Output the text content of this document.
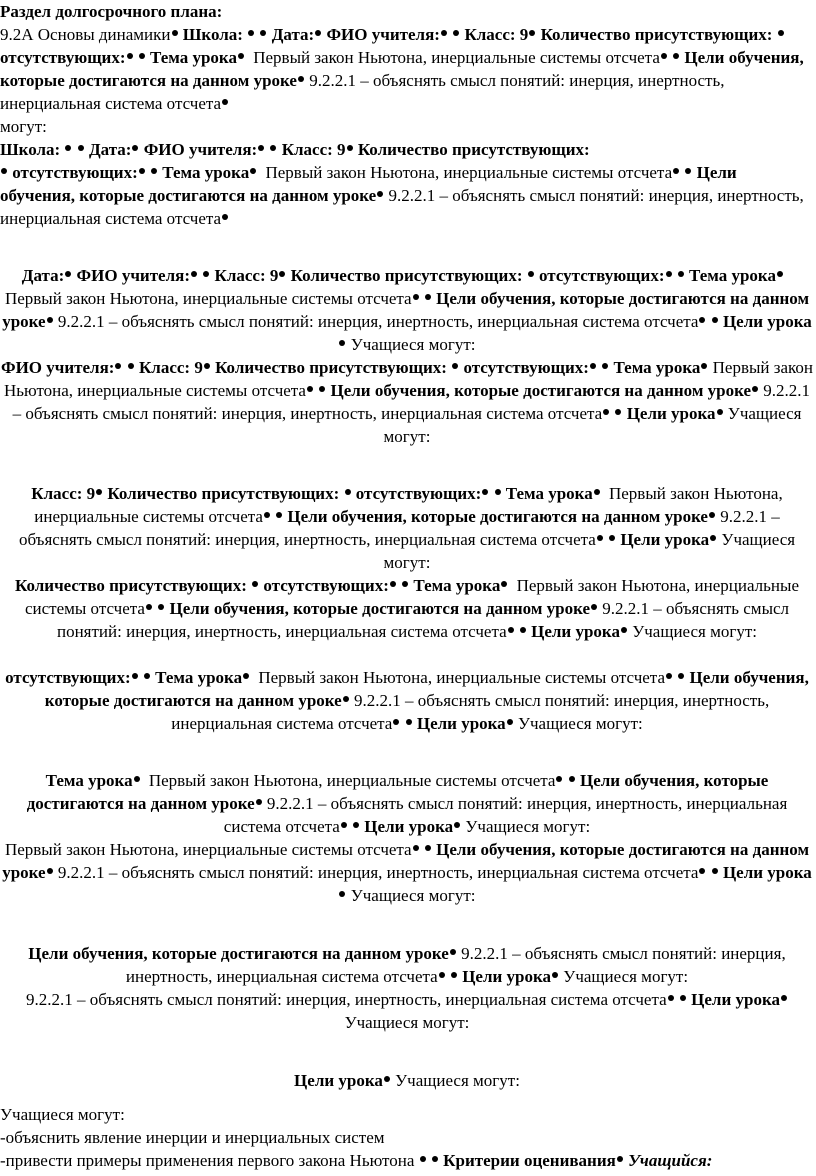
Раздел долгосрочного плана:

9.2А Основы динамики Школа: Дата: ФИО учителя: Класс: 9 Количество присутствующих:  отсутствующих: Тема урока Первый закон Ньютона, инерциальные системы отсчета Цели обучения, которые достигаются на данном уроке 9.2.2.1 – объяснять смысл понятий: инерция, инертность, инерциальная система отсчета

могут:

Школа: Дата: ФИО учителя: Класс: 9 Количество присутствующих:
отсутствующих: Тема урока Первый закон Ньютона, инерциальные системы отсчета Цели обучения, которые достигаются на данном уроке 9.2.2.1 – объяснять смысл понятий: инерция, инертность, инерциальная система отсчета

Дата: ФИО учителя: Класс: 9 Количество присутствующих: отсутствующих: Тема урока Первый закон Ньютона, инерциальные системы отсчета Цели обучения, которые достигаются на данном уроке 9.2.2.1 – объяснять смысл понятий: инерция, инертность, инерциальная система отсчета Цели урока Учащиеся могут:

ФИО учителя: Класс: 9 Количество присутствующих: отсутствующих: Тема урока Первый закон Ньютона, инерциальные системы отсчета Цели обучения, которые достигаются на данном уроке 9.2.2.1 – объяснять смысл понятий: инерция, инертность, инерциальная система отсчета Цели урока Учащиеся могут:

Класс: 9 Количество присутствующих: отсутствующих: Тема урока Первый закон Ньютона, инерциальные системы отсчета Цели обучения, которые достигаются на данном уроке 9.2.2.1 – объяснять смысл понятий: инерция, инертность, инерциальная система отсчета Цели урока Учащиеся могут:

Количество присутствующих: отсутствующих: Тема урока Первый закон Ньютона, инерциальные системы отсчета Цели обучения, которые достигаются на данном уроке 9.2.2.1 – объяснять смысл понятий: инерция, инертность, инерциальная система отсчета Цели урока Учащиеся могут:

отсутствующих: Тема урока Первый закон Ньютона, инерциальные системы отсчета Цели обучения, которые достигаются на данном уроке 9.2.2.1 – объяснять смысл понятий: инерция, инертность, инерциальная система отсчета Цели урока Учащиеся могут:

Тема урока Первый закон Ньютона, инерциальные системы отсчета Цели обучения, которые достигаются на данном уроке 9.2.2.1 – объяснять смысл понятий: инерция, инертность, инерциальная система отсчета Цели урока Учащиеся могут:

Первый закон Ньютона, инерциальные системы отсчета Цели обучения, которые достигаются на данном уроке 9.2.2.1 – объяснять смысл понятий: инерция, инертность, инерциальная система отсчета Цели урока Учащиеся могут:

Цели обучения, которые достигаются на данном уроке 9.2.2.1 – объяснять смысл понятий: инерция, инертность, инерциальная система отсчета Цели урока Учащиеся могут:

9.2.2.1 – объяснять смысл понятий: инерция, инертность, инерциальная система отсчета Цели урока Учащиеся могут:

Цели урока Учащиеся могут:

Учащиеся могут:

-объяснить явление инерции и инерциальных систем

-привести примеры применения первого закона Ньютона Критерии оценивания Учащийся:
